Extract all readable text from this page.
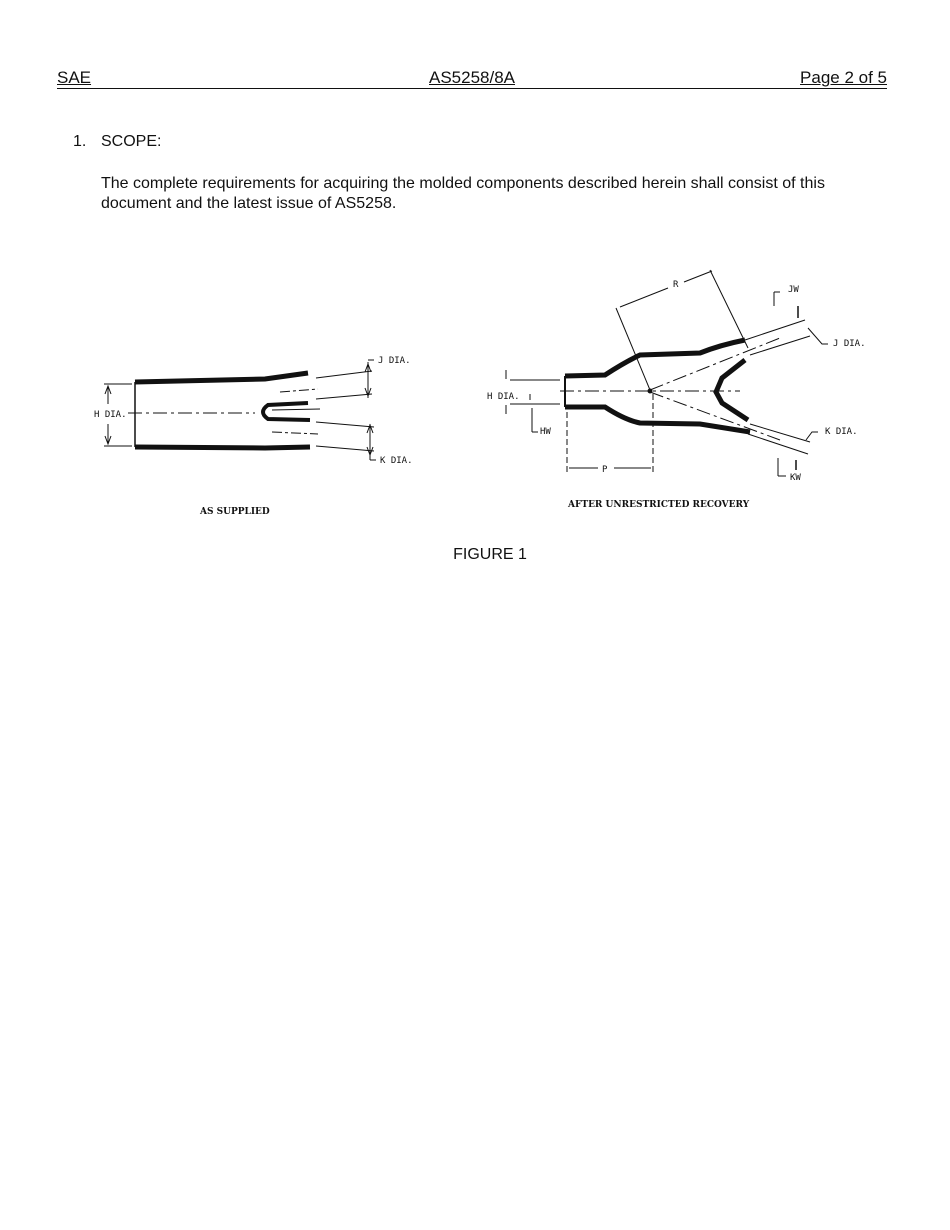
SAE	AS5258/8A	Page 2 of 5
1. SCOPE:
The complete requirements for acquiring the molded components described herein shall consist of this document and the latest issue of AS5258.
H DIA.
J DIA.
K DIA.
AS SUPPLIED
R	JW
J DIA.
H DIA.
HW
P
K DIA.
KW
AFTER UNRESTRICTED RECOVERY
FIGURE 1
